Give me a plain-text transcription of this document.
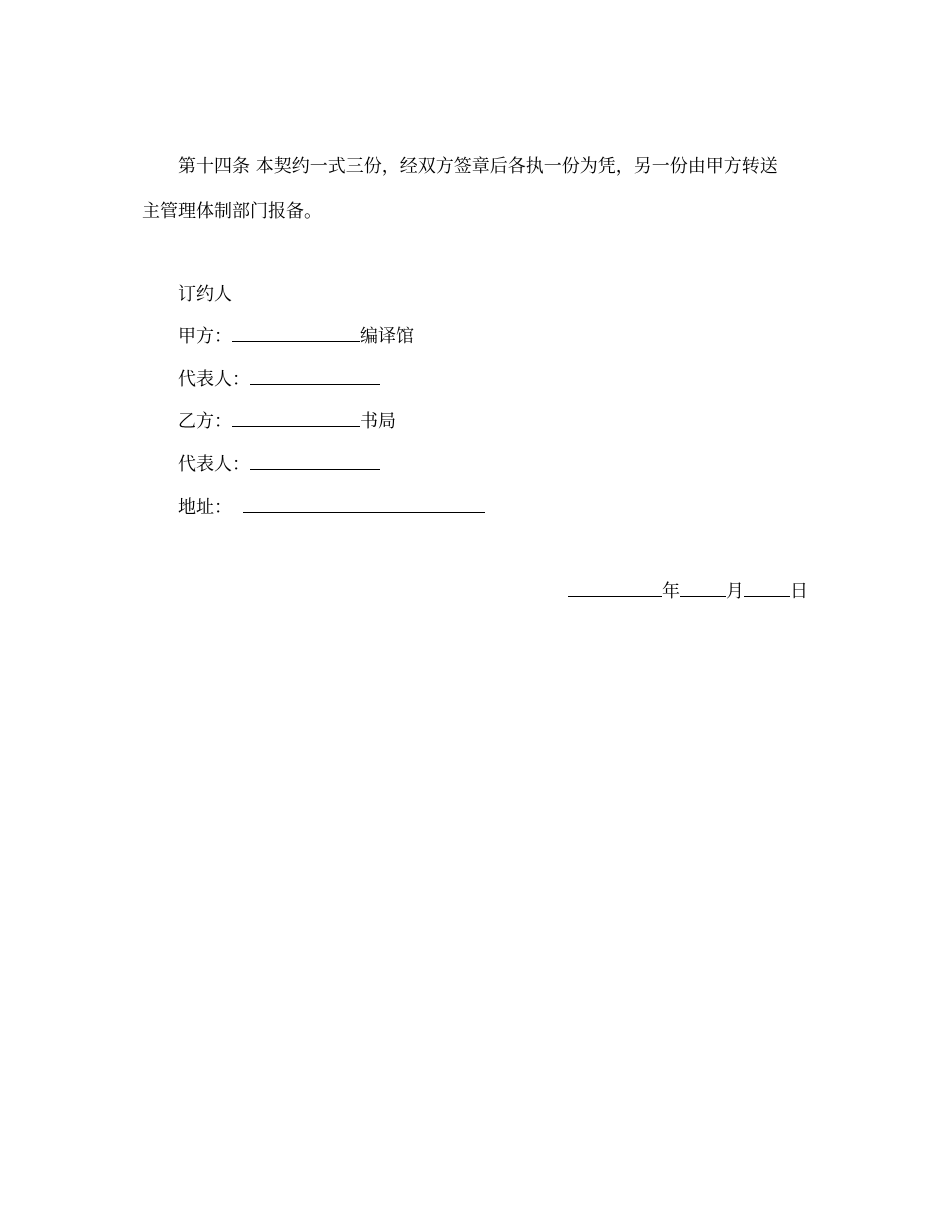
第十四条 本契约一式三份，经双方签章后各执一份为凭，另一份由甲方转送
主管理体制部门报备。
订约人
甲方：	编译馆
代表人：
乙方：	书局
代表人：
地址：
年	月	日
